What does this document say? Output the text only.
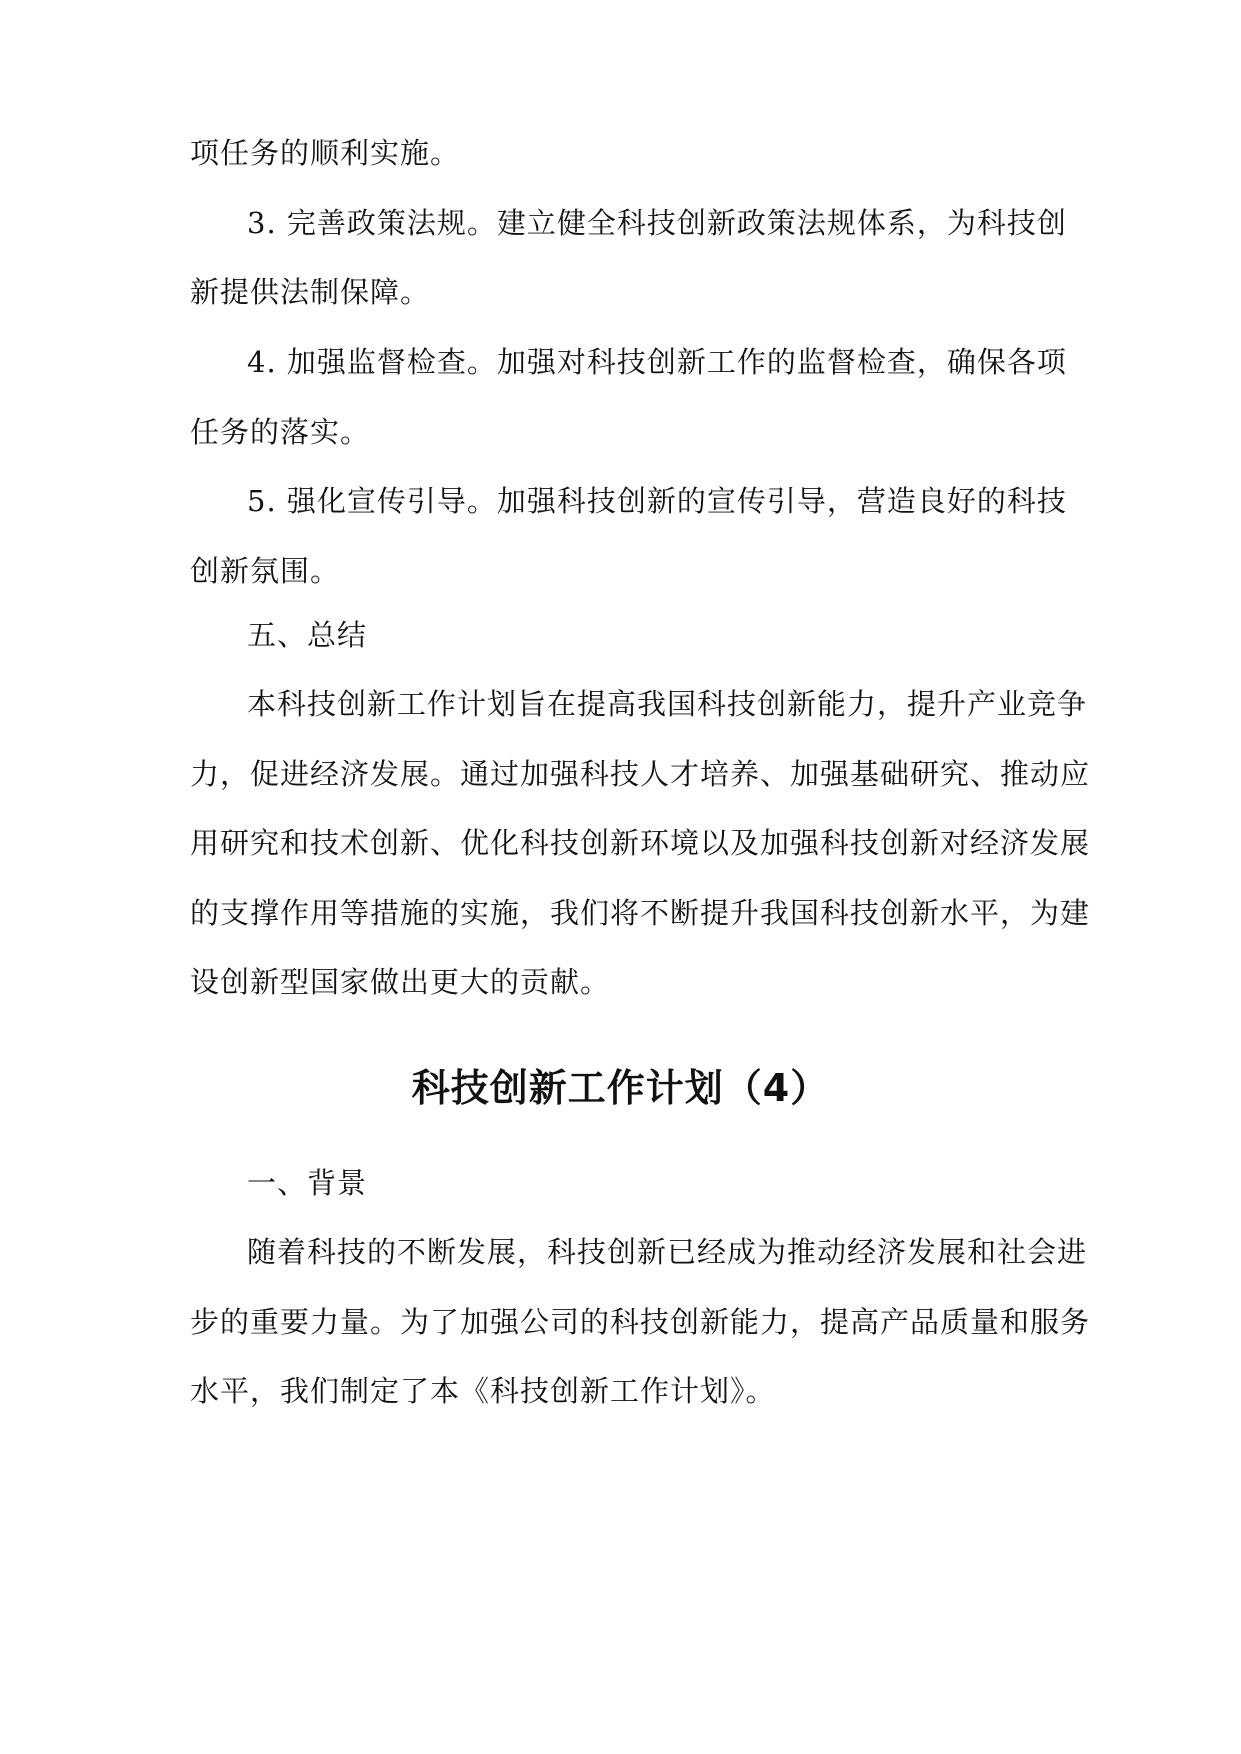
项任务的顺利实施。
3. 完善政策法规。建立健全科技创新政策法规体系，为科技创
新提供法制保障。
4. 加强监督检查。加强对科技创新工作的监督检查，确保各项
任务的落实。
5. 强化宣传引导。加强科技创新的宣传引导，营造良好的科技
创新氛围。
五、总结
本科技创新工作计划旨在提高我国科技创新能力，提升产业竞争
力，促进经济发展。通过加强科技人才培养、加强基础研究、推动应
用研究和技术创新、优化科技创新环境以及加强科技创新对经济发展
的支撑作用等措施的实施，我们将不断提升我国科技创新水平，为建
设创新型国家做出更大的贡献。
科技创新工作计划（4）
一、背景
随着科技的不断发展，科技创新已经成为推动经济发展和社会进
步的重要力量。为了加强公司的科技创新能力，提高产品质量和服务
水平，我们制定了本《科技创新工作计划》。
